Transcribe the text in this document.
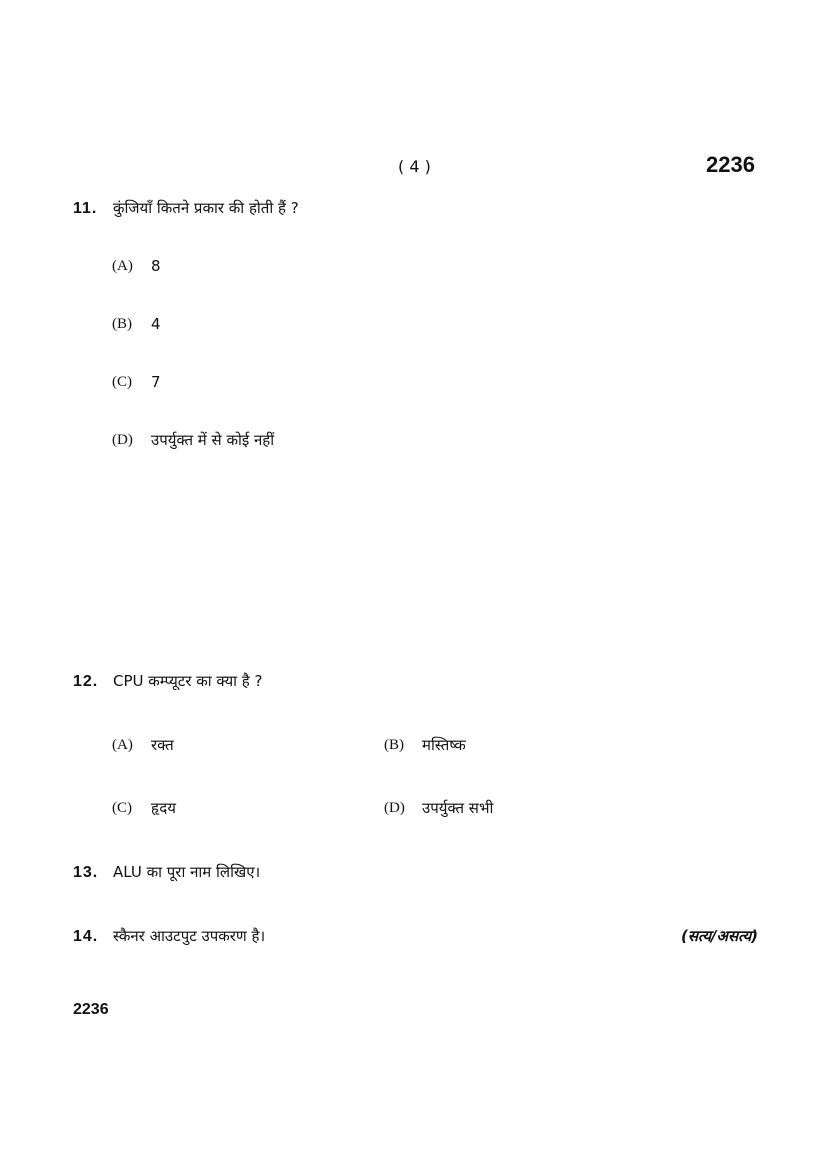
( 4 )	2236
11. कुंजियाँ कितने प्रकार की होती हैं ?
(A) 8
(B) 4
(C) 7
(D) उपर्युक्त में से कोई नहीं
12. CPU कम्प्यूटर का क्या है ?
(A) रक्त	(B) मस्तिष्क
(C) हृदय	(D) उपर्युक्त सभी
13. ALU का पूरा नाम लिखिए।
14. स्कैनर आउटपुट उपकरण है।	(सत्य/असत्य)
2236
